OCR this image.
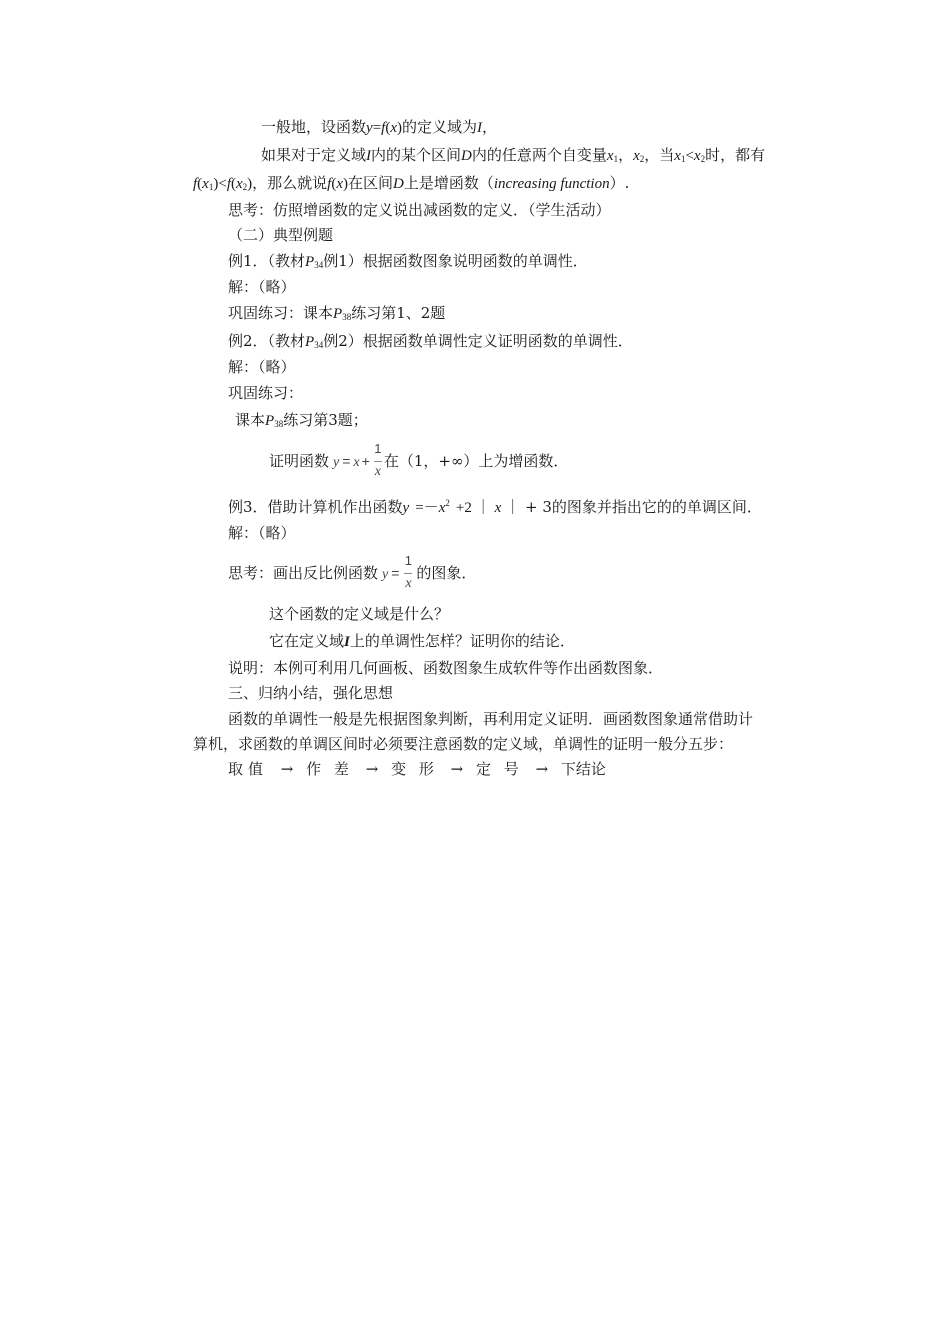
一般地，设函数y=f(x)的定义域为I，
如果对于定义域I内的某个区间D内的任意两个自变量$x_1$，$x_2$，当$x_1<x_2$时，都有
$f(x_1)<f(x_2)$，那么就说f(x)在区间D上是增函数（increasing function）.
思考：仿照增函数的定义说出减函数的定义．（学生活动）
（二）典型例题
例1．（教材$P_{34}$例1）根据函数图象说明函数的单调性．
解：（略）
巩固练习：课本$P_{38}$练习第1、2题
例2．（教材$P_{34}$例2）根据函数单调性定义证明函数的单调性．
解：（略）
巩固练习：
课本$P_{38}$练习第3题；
证明函数 $y = x + \frac{1}{x}$ 在（1，+∞）上为增函数．
例3．借助计算机作出函数$y =-x^2 +2$ ｜ x ｜ + 3的图象并指出它的的单调区间．
解：（略）
思考：画出反比例函数 $y = \frac{1}{x}$ 的图象．
这个函数的定义域是什么？
它在定义域I上的单调性怎样？证明你的结论．
说明：本例可利用几何画板、函数图象生成软件等作出函数图象．
三、归纳小结，强化思想
函数的单调性一般是先根据图象判断，再利用定义证明．画函数图象通常借助计
算机，求函数的单调区间时必须要注意函数的定义域，单调性的证明一般分五步：
取值 → 作 差 → 变 形 → 定 号 → 下结论
